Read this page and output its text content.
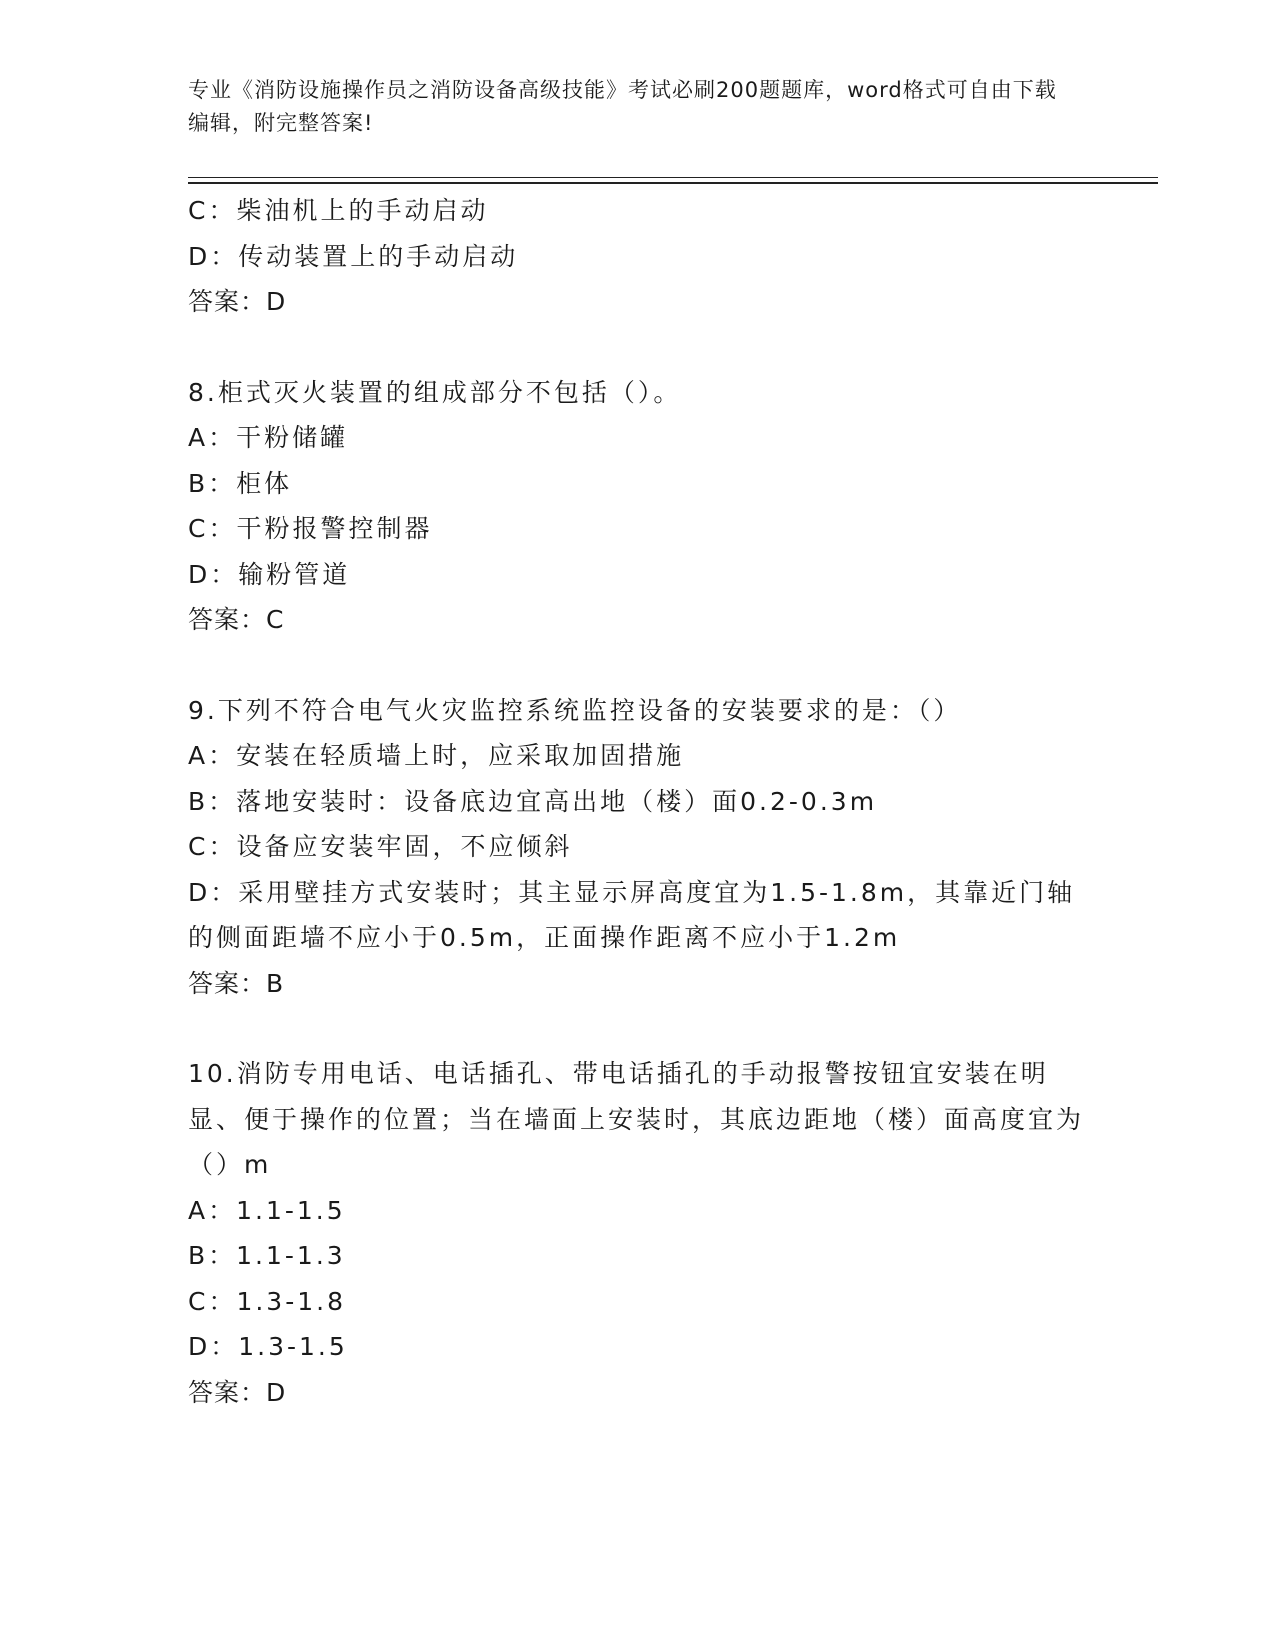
专业《消防设施操作员之消防设备高级技能》考试必刷200题题库，word格式可自由下载编辑，附完整答案!
C：柴油机上的手动启动
D：传动装置上的手动启动
答案：D
8.柜式灭火装置的组成部分不包括（）。
A：干粉储罐
B：柜体
C：干粉报警控制器
D：输粉管道
答案：C
9.下列不符合电气火灾监控系统监控设备的安装要求的是：（）
A：安装在轻质墙上时，应采取加固措施
B：落地安装时：设备底边宜高出地（楼）面0.2-0.3m
C：设备应安装牢固，不应倾斜
D：采用壁挂方式安装时；其主显示屏高度宜为1.5-1.8m，其靠近门轴的侧面距墙不应小于0.5m，正面操作距离不应小于1.2m
答案：B
10.消防专用电话、电话插孔、带电话插孔的手动报警按钮宜安装在明显、便于操作的位置；当在墙面上安装时，其底边距地（楼）面高度宜为（）m
A：1.1-1.5
B：1.1-1.3
C：1.3-1.8
D：1.3-1.5
答案：D
